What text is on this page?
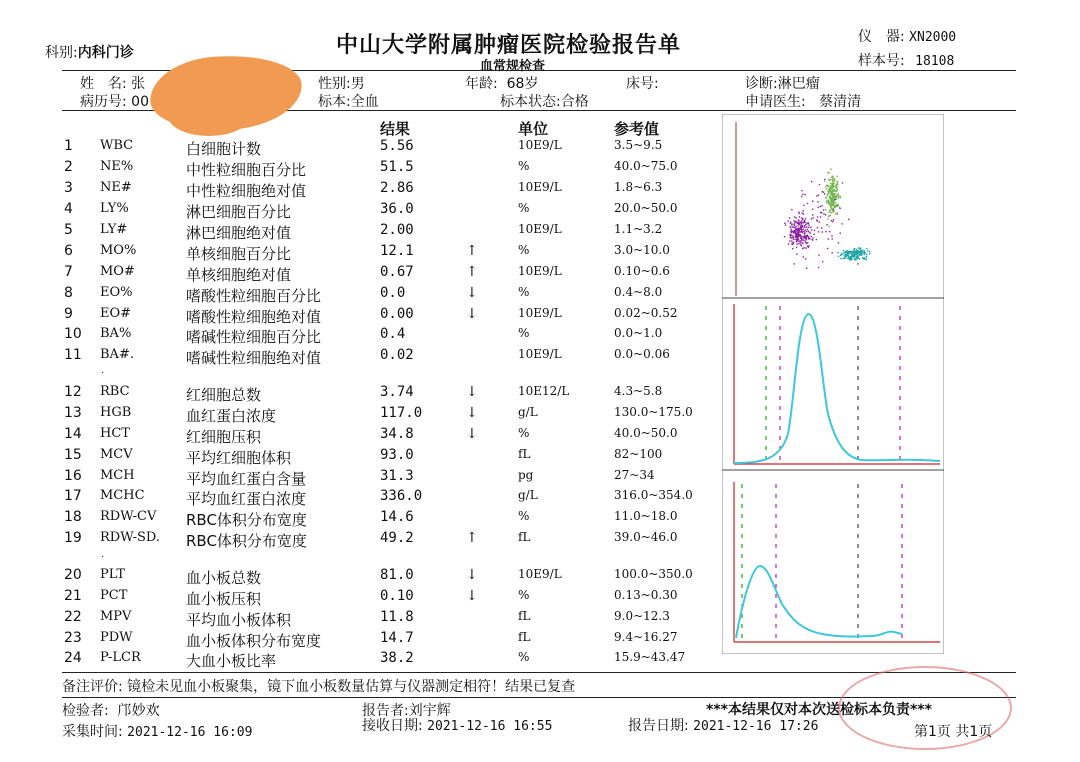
科别:内科门诊	中山大学附属肿瘤医院检验报告单
血常规检查
仪　器: XN2000
样本号: 18108
姓　名: 张
病历号: 00
性别:男
标本:全血
年龄: 68岁
标本状态:合格
床号:	诊断:淋巴瘤
申请医生: 蔡清清
结果	单位	参考值
1 WBC	白细胞计数	5.56	10E9/L	3.5~9.5
2 NE%	中性粒细胞百分比	51.5	%	40.0~75.0
3 NE#	中性粒细胞绝对值	2.86	10E9/L	1.8~6.3
4 LY%	淋巴细胞百分比	36.0	%	20.0~50.0
5 LY#	淋巴细胞绝对值	2.00	10E9/L	1.1~3.2
6 MO%	单核细胞百分比	12.1	↑	%	3.0~10.0
7 MO#	单核细胞绝对值	0.67	↑	10E9/L	0.10~0.6
8 EO%	嗜酸性粒细胞百分比	0.0	↓	%	0.4~8.0
9 EO#	嗜酸性粒细胞绝对值	0.00	↓	10E9/L	0.02~0.52
10 BA%	嗜碱性粒细胞百分比	0.4	%	0.0~1.0
11 BA#.	嗜碱性粒细胞绝对值	0.02	10E9/L	0.0~0.06
12 RBC	红细胞总数	3.74	↓	10E12/L	4.3~5.8
13 HGB	血红蛋白浓度	117.0	↓	g/L	130.0~175.0
14 HCT	红细胞压积	34.8	↓	%	40.0~50.0
15 MCV	平均红细胞体积	93.0	fL	82~100
16 MCH	平均血红蛋白含量	31.3	pg	27~34
17 MCHC	平均血红蛋白浓度	336.0	g/L	316.0~354.0
18 RDW-CV RBC体积分布宽度	14.6	%	11.0~18.0
19 RDW-SD. RBC体积分布宽度	49.2	↑	fL	39.0~46.0
20 PLT	血小板总数	81.0	↓	10E9/L	100.0~350.0
21 PCT	血小板压积	0.10	↓	%	0.13~0.30
22 MPV	平均血小板体积	11.8	fL	9.0~12.3
23 PDW	血小板体积分布宽度	14.7	fL	9.4~16.27
24 P-LCR	大血小板比率	38.2	%	15.9~43.47
·
·
备注评价: 镜检未见血小板聚集，镜下血小板数量估算与仪器测定相符！结果已复查
检验者: 邝妙欢	报告者:刘宇辉	***本结果仅对本次送检标本负责***
采集时间: 2021-12-16 16:09	接收日期: 2021-12-16 16:55	报告日期: 2021-12-16 17:26	第1页 共1页
